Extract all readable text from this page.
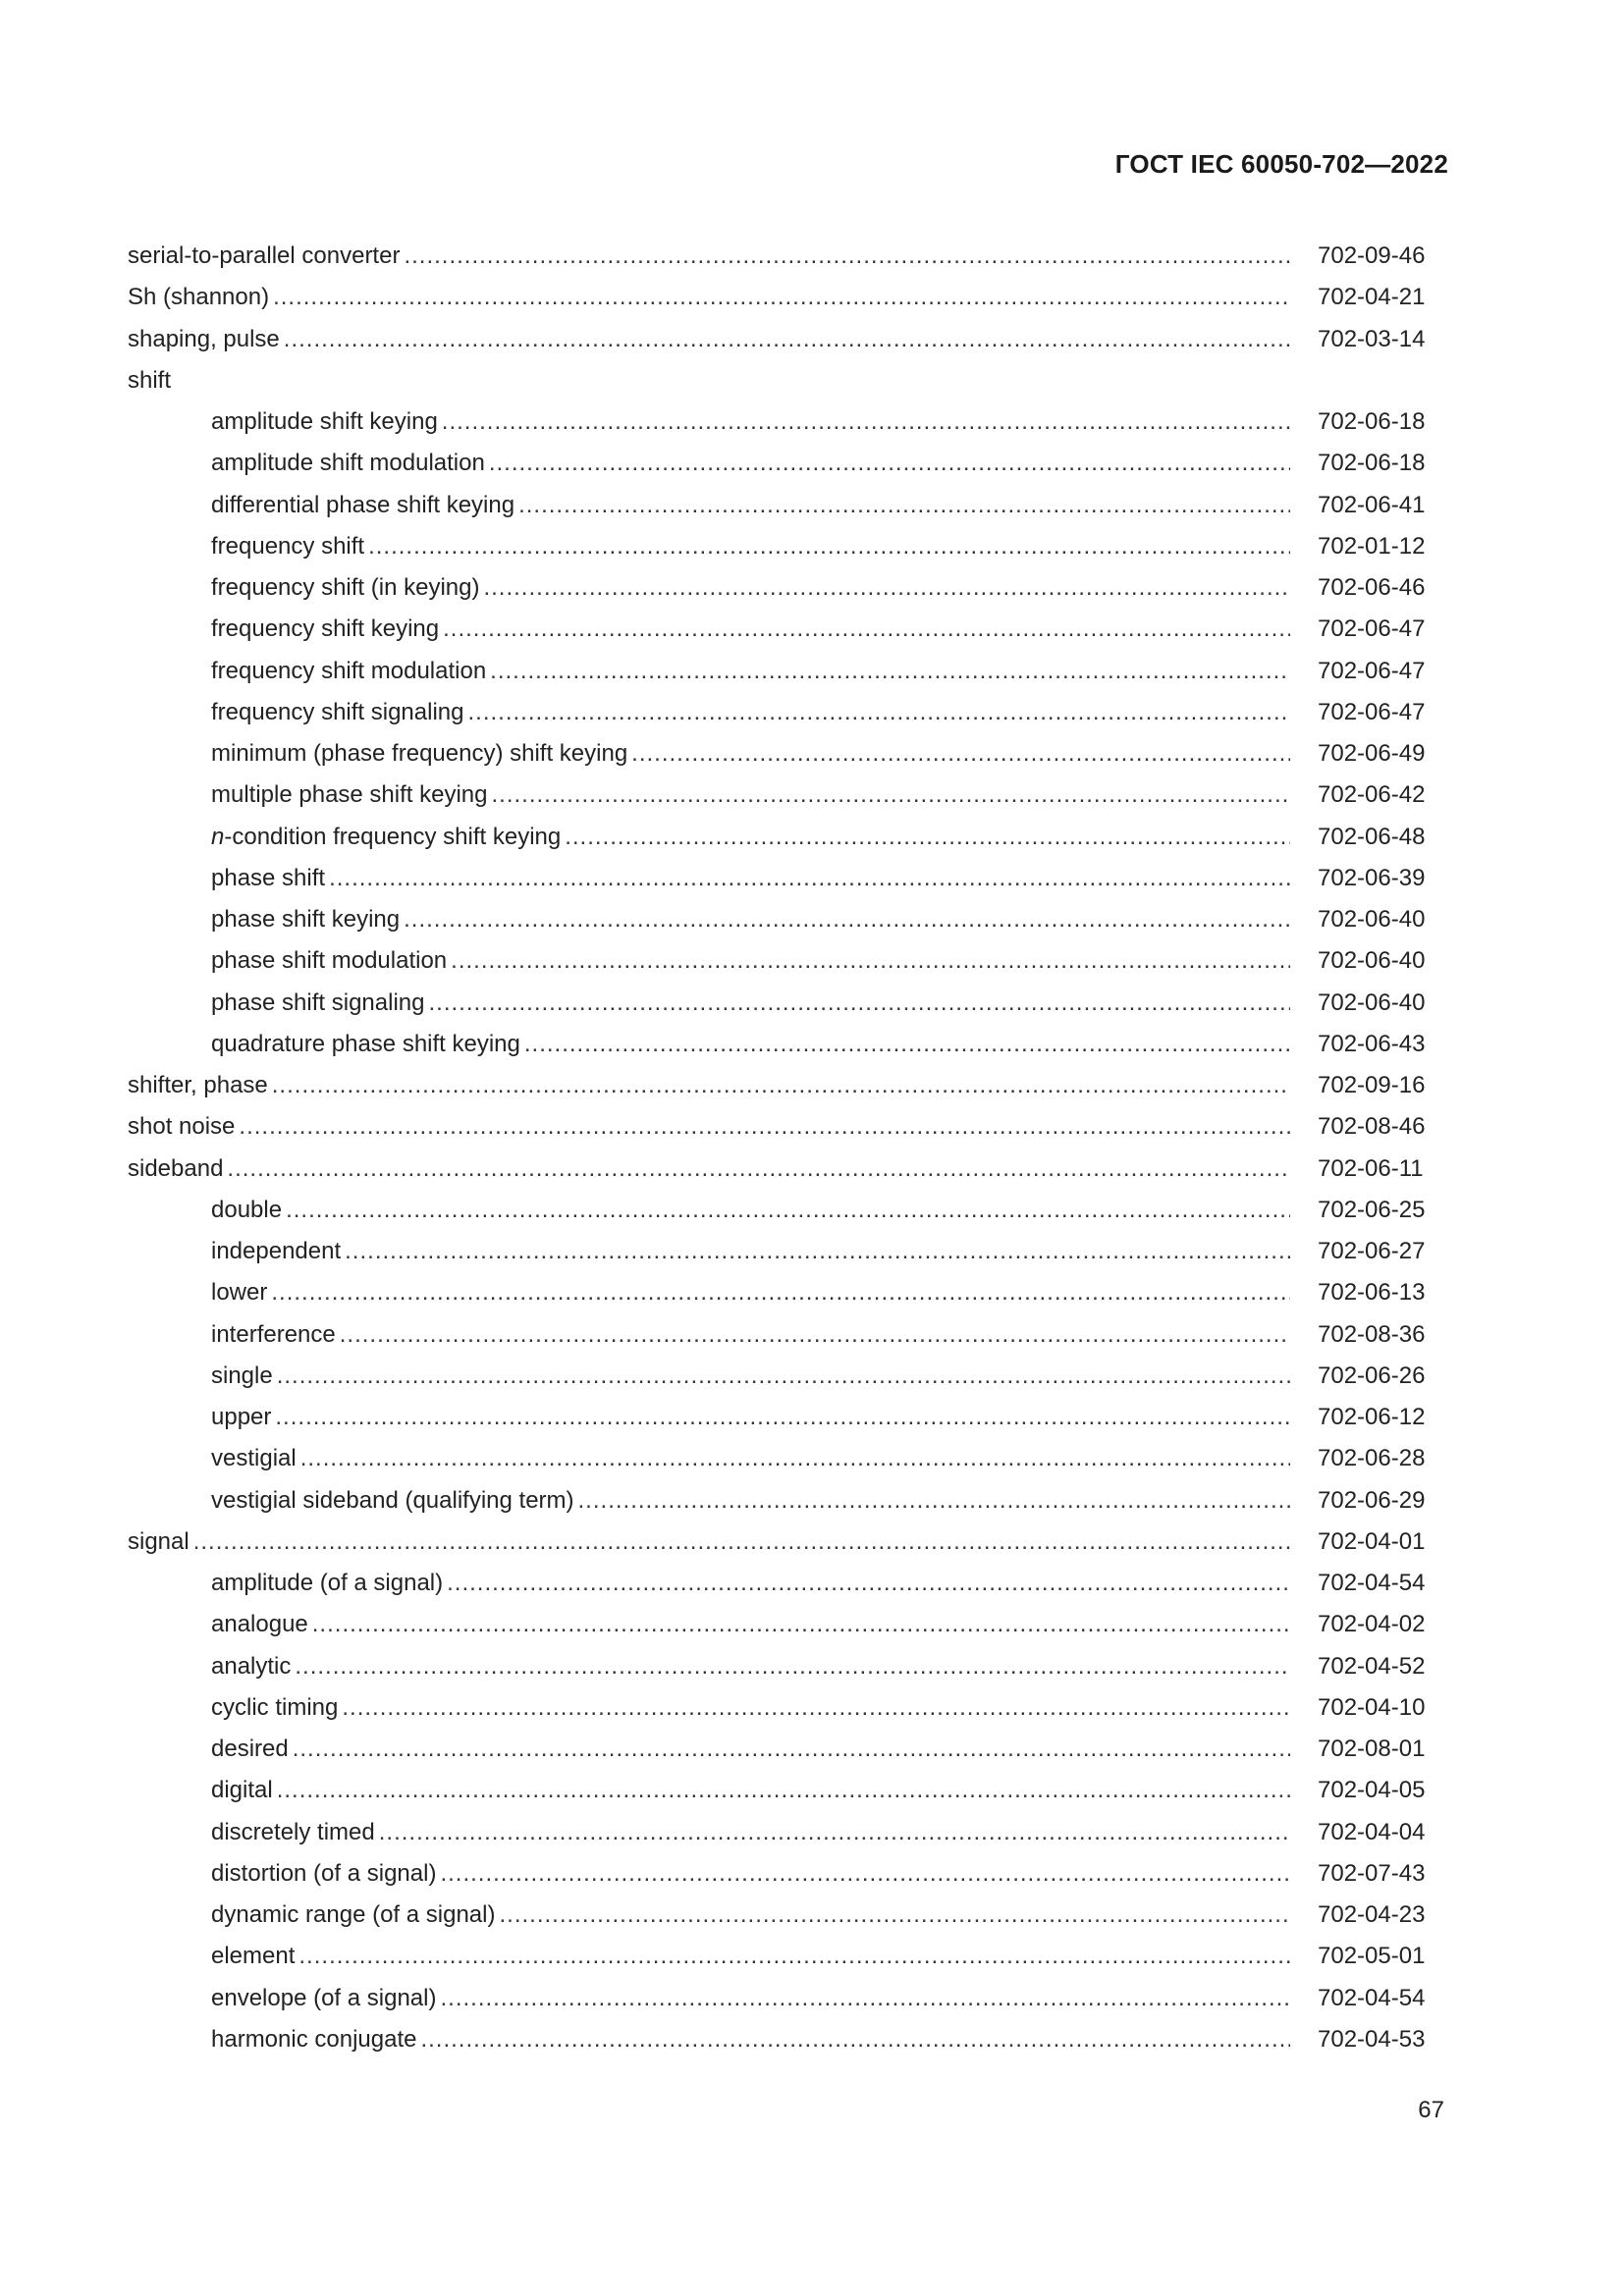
ГОСТ IEC 60050-702—2022
serial-to-parallel converter .....	702-09-46
Sh (shannon) .....	702-04-21
shaping, pulse .....	702-03-14
shift
amplitude shift keying .....	702-06-18
amplitude shift modulation .....	702-06-18
differential phase shift keying .....	702-06-41
frequency shift .....	702-01-12
frequency shift (in keying) .....	702-06-46
frequency shift keying .....	702-06-47
frequency shift modulation .....	702-06-47
frequency shift signaling .....	702-06-47
minimum (phase frequency) shift keying .....	702-06-49
multiple phase shift keying .....	702-06-42
n-condition frequency shift keying .....	702-06-48
phase shift .....	702-06-39
phase shift keying .....	702-06-40
phase shift modulation .....	702-06-40
phase shift signaling .....	702-06-40
quadrature phase shift keying .....	702-06-43
shifter, phase .....	702-09-16
shot noise .....	702-08-46
sideband .....	702-06-11
double .....	702-06-25
independent .....	702-06-27
lower .....	702-06-13
interference .....	702-08-36
single .....	702-06-26
upper .....	702-06-12
vestigial .....	702-06-28
vestigial sideband (qualifying term) .....	702-06-29
signal .....	702-04-01
amplitude (of a signal) .....	702-04-54
analogue .....	702-04-02
analytic .....	702-04-52
cyclic timing .....	702-04-10
desired .....	702-08-01
digital .....	702-04-05
discretely timed .....	702-04-04
distortion (of a signal) .....	702-07-43
dynamic range (of a signal) .....	702-04-23
element .....	702-05-01
envelope (of a signal) .....	702-04-54
harmonic conjugate .....	702-04-53
67
